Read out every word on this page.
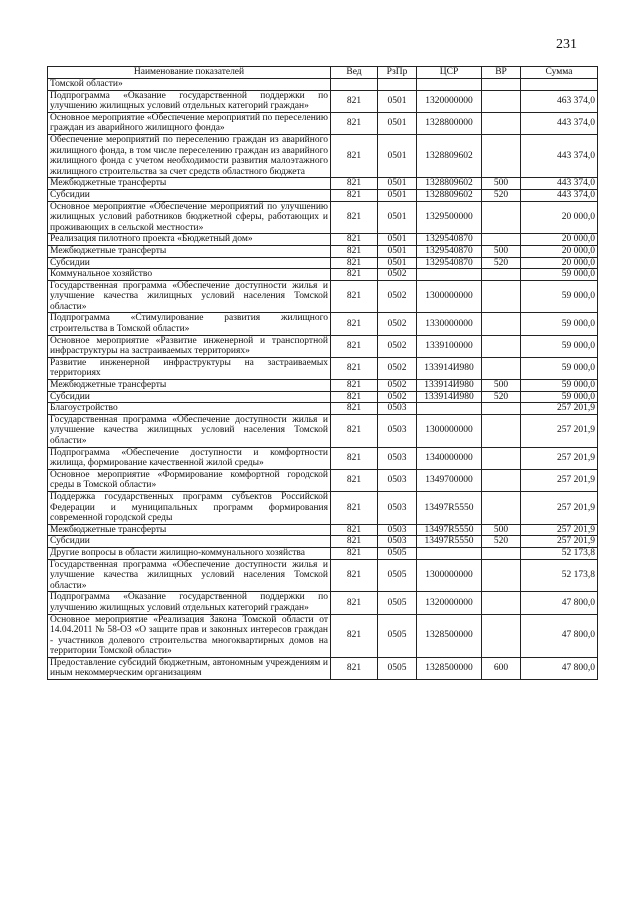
231
Наименование показателей	Вед	РзПр	ЦСР	ВР	Сумма
Томской области»					
Подпрограмма «Оказание государственной поддержки по улучшению жилищных условий отдельных категорий граждан»	821	0501	1320000000		463 374,0
Основное мероприятие «Обеспечение мероприятий по переселению граждан из аварийного жилищного фонда»	821	0501	1328800000		443 374,0
Обеспечение мероприятий по переселению граждан из аварийного жилищного фонда, в том числе переселению граждан из аварийного жилищного фонда с учетом необходимости развития малоэтажного жилищного строительства за счет средств областного бюджета	821	0501	1328809602		443 374,0
Межбюджетные трансферты	821	0501	1328809602	500	443 374,0
Субсидии	821	0501	1328809602	520	443 374,0
Основное мероприятие «Обеспечение мероприятий по улучшению жилищных условий работников бюджетной сферы, работающих и проживающих в сельской местности»	821	0501	1329500000		20 000,0
Реализация пилотного проекта «Бюджетный дом»	821	0501	1329540870		20 000,0
Межбюджетные трансферты	821	0501	1329540870	500	20 000,0
Субсидии	821	0501	1329540870	520	20 000,0
Коммунальное хозяйство	821	0502			59 000,0
Государственная программа «Обеспечение доступности жилья и улучшение качества жилищных условий населения Томской области»	821	0502	1300000000		59 000,0
Подпрограмма «Стимулирование развития жилищного строительства в Томской области»	821	0502	1330000000		59 000,0
Основное мероприятие «Развитие инженерной и транспортной инфраструктуры на застраиваемых территориях»	821	0502	1339100000		59 000,0
Развитие инженерной инфраструктуры на застраиваемых территориях	821	0502	133914И980		59 000,0
Межбюджетные трансферты	821	0502	133914И980	500	59 000,0
Субсидии	821	0502	133914И980	520	59 000,0
Благоустройство	821	0503			257 201,9
Государственная программа «Обеспечение доступности жилья и улучшение качества жилищных условий населения Томской области»	821	0503	1300000000		257 201,9
Подпрограмма «Обеспечение доступности и комфортности жилища, формирование качественной жилой среды»	821	0503	1340000000		257 201,9
Основное мероприятие «Формирование комфортной городской среды в Томской области»	821	0503	1349700000		257 201,9
Поддержка государственных программ субъектов Российской Федерации и муниципальных программ формирования современной городской среды	821	0503	13497R5550		257 201,9
Межбюджетные трансферты	821	0503	13497R5550	500	257 201,9
Субсидии	821	0503	13497R5550	520	257 201,9
Другие вопросы в области жилищно-коммунального хозяйства	821	0505			52 173,8
Государственная программа «Обеспечение доступности жилья и улучшение качества жилищных условий населения Томской области»	821	0505	1300000000		52 173,8
Подпрограмма «Оказание государственной поддержки по улучшению жилищных условий отдельных категорий граждан»	821	0505	1320000000		47 800,0
Основное мероприятие «Реализация Закона Томской области от 14.04.2011 № 58-ОЗ «О защите прав и законных интересов граждан - участников долевого строительства многоквартирных домов на территории Томской области»	821	0505	1328500000		47 800,0
Предоставление субсидий бюджетным, автономным учреждениям и иным некоммерческим организациям	821	0505	1328500000	600	47 800,0
